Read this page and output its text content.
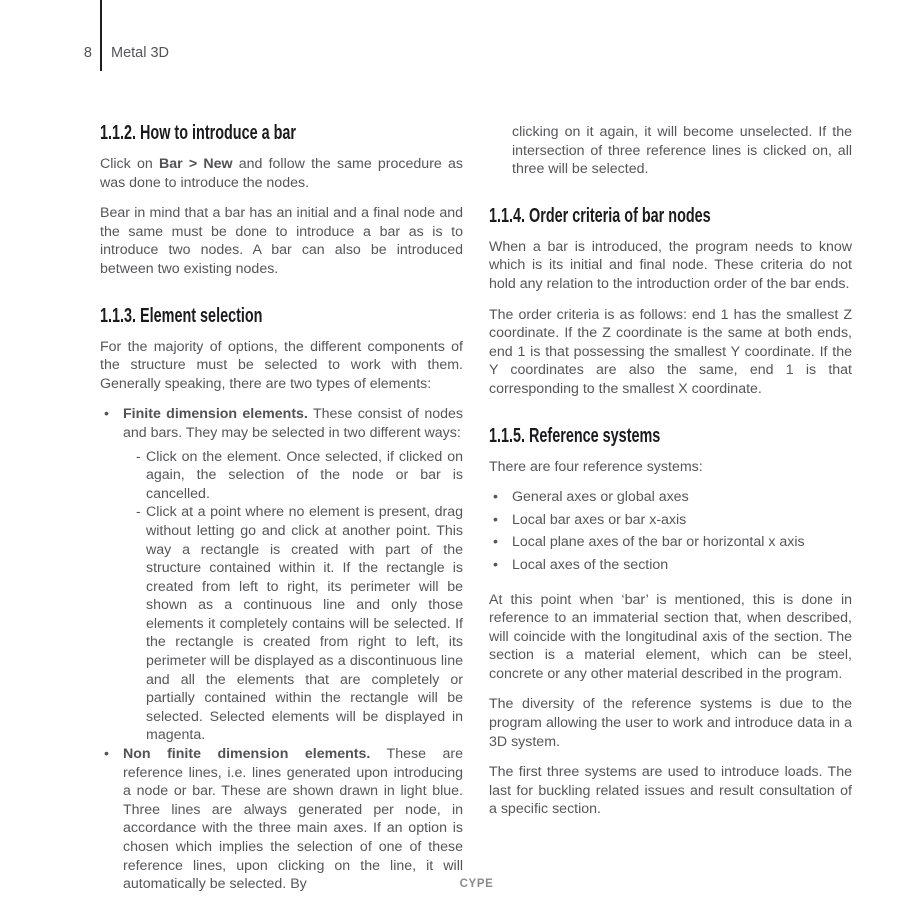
8 Metal 3D
1.1.2. How to introduce a bar

Click on Bar > New and follow the same procedure as was done to introduce the nodes.

Bear in mind that a bar has an initial and a final node and the same must be done to introduce a bar as is to introduce two nodes. A bar can also be introduced between two existing nodes.

1.1.3. Element selection

For the majority of options, the different components of the structure must be selected to work with them. Generally speaking, there are two types of elements:

• Finite dimension elements. These consist of nodes and bars. They may be selected in two different ways:
- Click on the element. Once selected, if clicked on again, the selection of the node or bar is cancelled.
- Click at a point where no element is present, drag without letting go and click at another point. This way a rectangle is created with part of the structure contained within it. If the rectangle is created from left to right, its perimeter will be shown as a continuous line and only those elements it completely contains will be selected. If the rectangle is created from right to left, its perimeter will be displayed as a discontinuous line and all the elements that are completely or partially contained within the rectangle will be selected. Selected elements will be displayed in magenta.
• Non finite dimension elements. These are reference lines, i.e. lines generated upon introducing a node or bar. These are shown drawn in light blue. Three lines are always generated per node, in accordance with the three main axes. If an option is chosen which implies the selection of one of these reference lines, upon clicking on the line, it will automatically be selected. By

clicking on it again, it will become unselected. If the intersection of three reference lines is clicked on, all three will be selected.

1.1.4. Order criteria of bar nodes

When a bar is introduced, the program needs to know which is its initial and final node. These criteria do not hold any relation to the introduction order of the bar ends.

The order criteria is as follows: end 1 has the smallest Z coordinate. If the Z coordinate is the same at both ends, end 1 is that possessing the smallest Y coordinate. If the Y coordinates are also the same, end 1 is that corresponding to the smallest X coordinate.

1.1.5. Reference systems

There are four reference systems:

• General axes or global axes
• Local bar axes or bar x-axis
• Local plane axes of the bar or horizontal x axis
• Local axes of the section

At this point when ‘bar’ is mentioned, this is done in reference to an immaterial section that, when described, will coincide with the longitudinal axis of the section. The section is a material element, which can be steel, concrete or any other material described in the program.

The diversity of the reference systems is due to the program allowing the user to work and introduce data in a 3D system.

The first three systems are used to introduce loads. The last for buckling related issues and result consultation of a specific section.

CYPE
